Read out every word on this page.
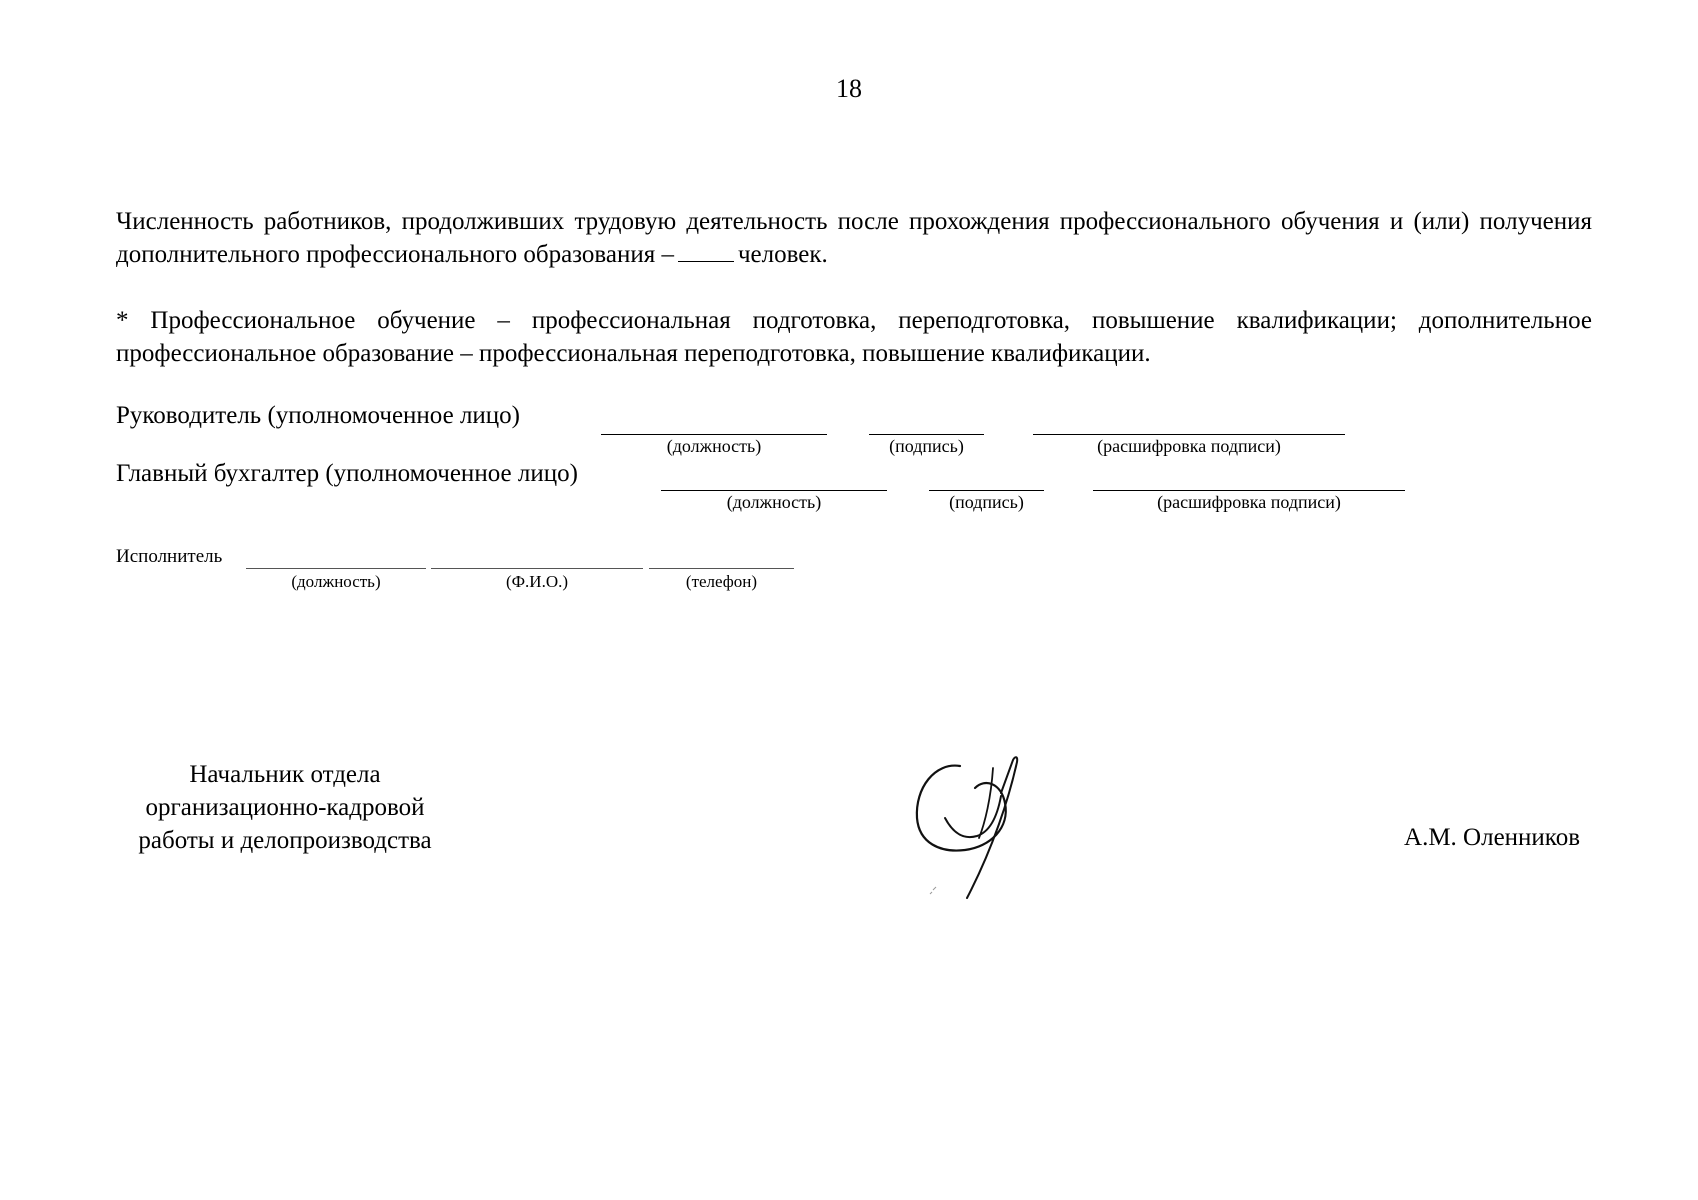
18
Численность работников, продолживших трудовую деятельность после прохождения профессионального обучения и (или) получения дополнительного профессионального образования –	человек.
* Профессиональное обучение – профессиональная подготовка, переподготовка, повышение квалификации; дополнительное профессиональное образование – профессиональная переподготовка, повышение квалификации.
Руководитель (уполномоченное лицо)
(должность)	(подпись)	(расшифровка подписи)
Главный бухгалтер (уполномоченное лицо)
(должность)	(подпись)	(расшифровка подписи)
Исполнитель
(должность)	(Ф.И.О.)	(телефон)
Начальник отдела
организационно-кадровой
работы и делопроизводства	А.М. Оленников
